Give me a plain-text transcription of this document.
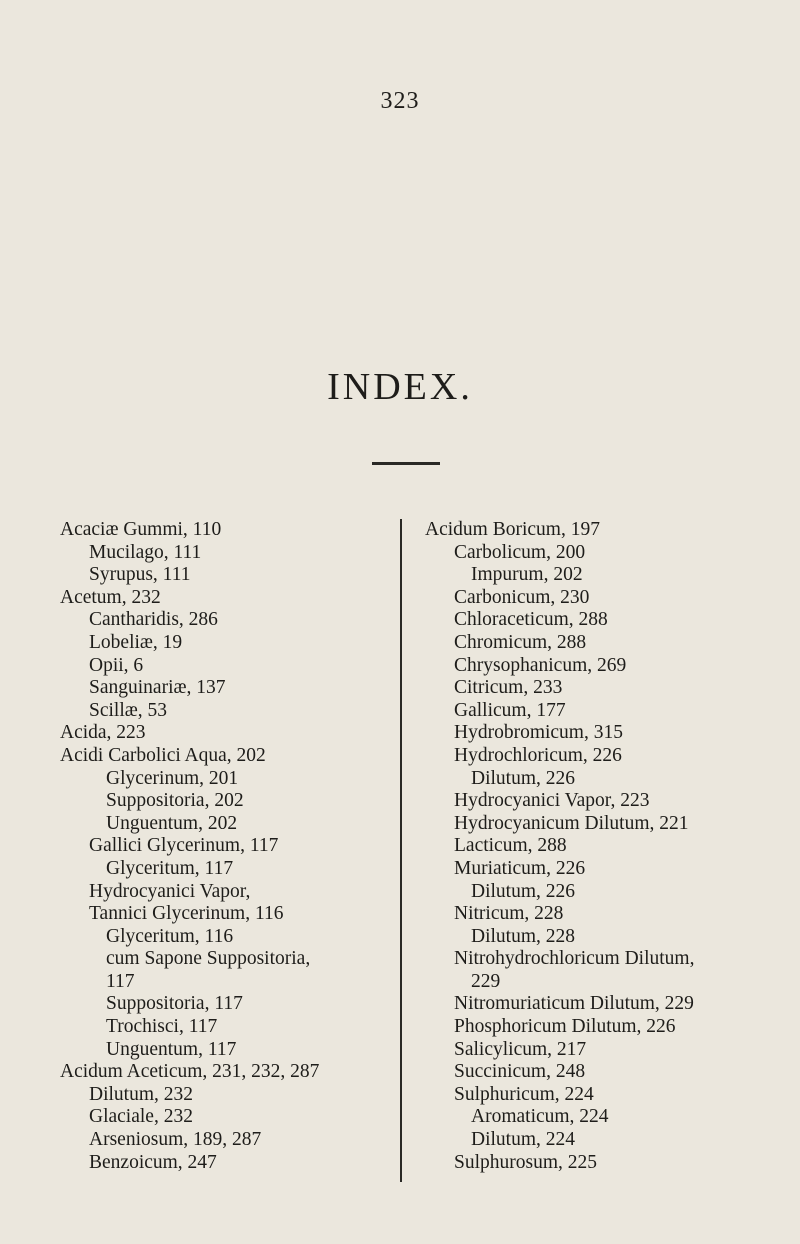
323
INDEX.
Acaciæ Gummi, 110
Mucilago, 111
Syrupus, 111
Acetum, 232
Cantharidis, 286
Lobeliæ, 19
Opii, 6
Sanguinariæ, 137
Scillæ, 53
Acida, 223
Acidi Carbolici Aqua, 202
Glycerinum, 201
Suppositoria, 202
Unguentum, 202
Gallici Glycerinum, 117
Glyceritum, 117
Hydrocyanici Vapor,
Tannici Glycerinum, 116
Glyceritum, 116
cum Sapone Suppositoria,
117
Suppositoria, 117
Trochisci, 117
Unguentum, 117
Acidum Aceticum, 231, 232, 287
Dilutum, 232
Glaciale, 232
Arseniosum, 189, 287
Benzoicum, 247
Acidum Boricum, 197
Carbolicum, 200
Impurum, 202
Carbonicum, 230
Chloraceticum, 288
Chromicum, 288
Chrysophanicum, 269
Citricum, 233
Gallicum, 177
Hydrobromicum, 315
Hydrochloricum, 226
Dilutum, 226
Hydrocyanici Vapor, 223
Hydrocyanicum Dilutum, 221
Lacticum, 288
Muriaticum, 226
Dilutum, 226
Nitricum, 228
Dilutum, 228
Nitrohydrochloricum Dilutum,
229
Nitromuriaticum Dilutum, 229
Phosphoricum Dilutum, 226
Salicylicum, 217
Succinicum, 248
Sulphuricum, 224
Aromaticum, 224
Dilutum, 224
Sulphurosum, 225
